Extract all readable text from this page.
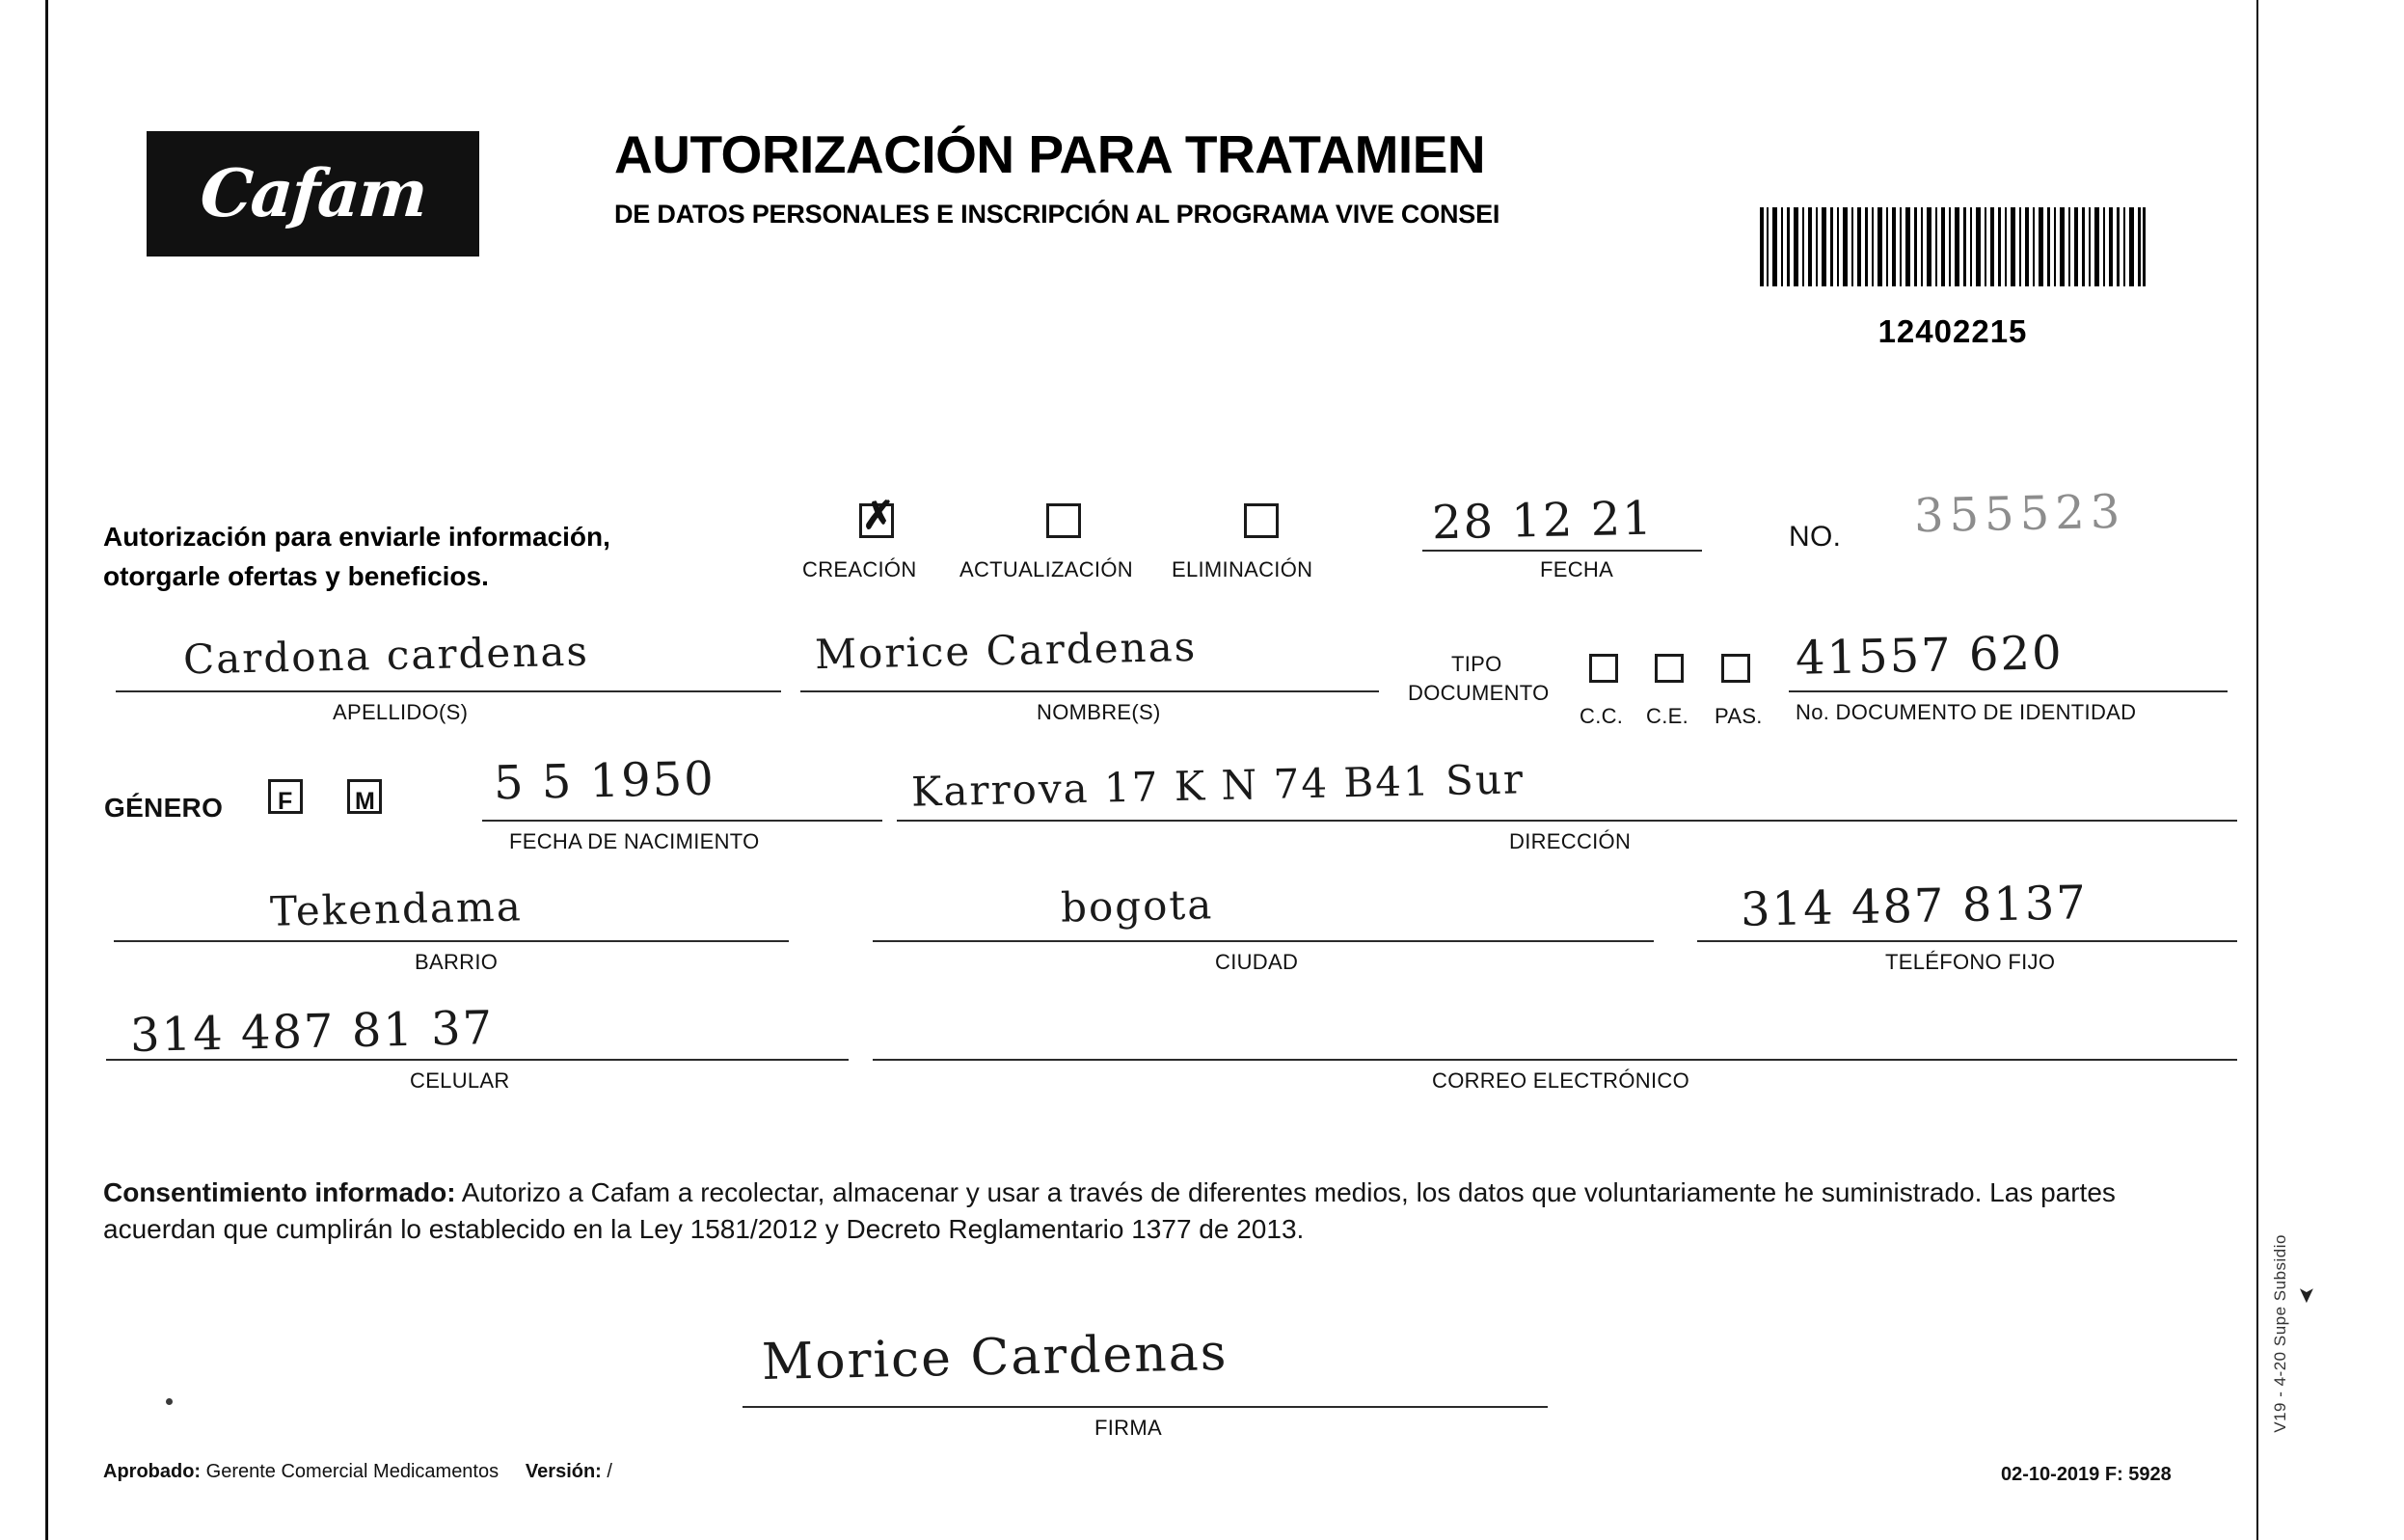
Cafam
AUTORIZACIÓN PARA TRATAMIEN
DE DATOS PERSONALES E INSCRIPCIÓN AL PROGRAMA VIVE CONSEI
12402215
Autorización para enviarle información,
otorgarle ofertas y beneficios.
✗
CREACIÓN ACTUALIZACIÓN ELIMINACIÓN
28 12 21
FECHA
NO. 355523
Cardona cardenas
APELLIDO(S)
Morice Cardenas
NOMBRE(S)
TIPO
DOCUMENTO
C.C. C.E. PAS.
41557 620
No. DOCUMENTO DE IDENTIDAD
GÉNERO F	M	5 5 1950
FECHA DE NACIMIENTO
Karrova 17 K N 74 B41 Sur
DIRECCIÓN
Tekendama
BARRIO
bogota
CIUDAD
314 487 8137
TELÉFONO FIJO
314 487 81 37
CELULAR	CORREO ELECTRÓNICO
Consentimiento informado: Autorizo a Cafam a recolectar, almacenar y usar a través de diferentes medios, los datos que voluntariamente he suministrado. Las partes acuerdan que cumplirán lo establecido en la Ley 1581/2012 y Decreto Reglamentario 1377 de 2013.
Morice Cardenas
FIRMA
Aprobado: Gerente Comercial Medicamentos Versión: /	02-10-2019 F: 5928
V19 - 4-20 Supe Subsidio ➤
